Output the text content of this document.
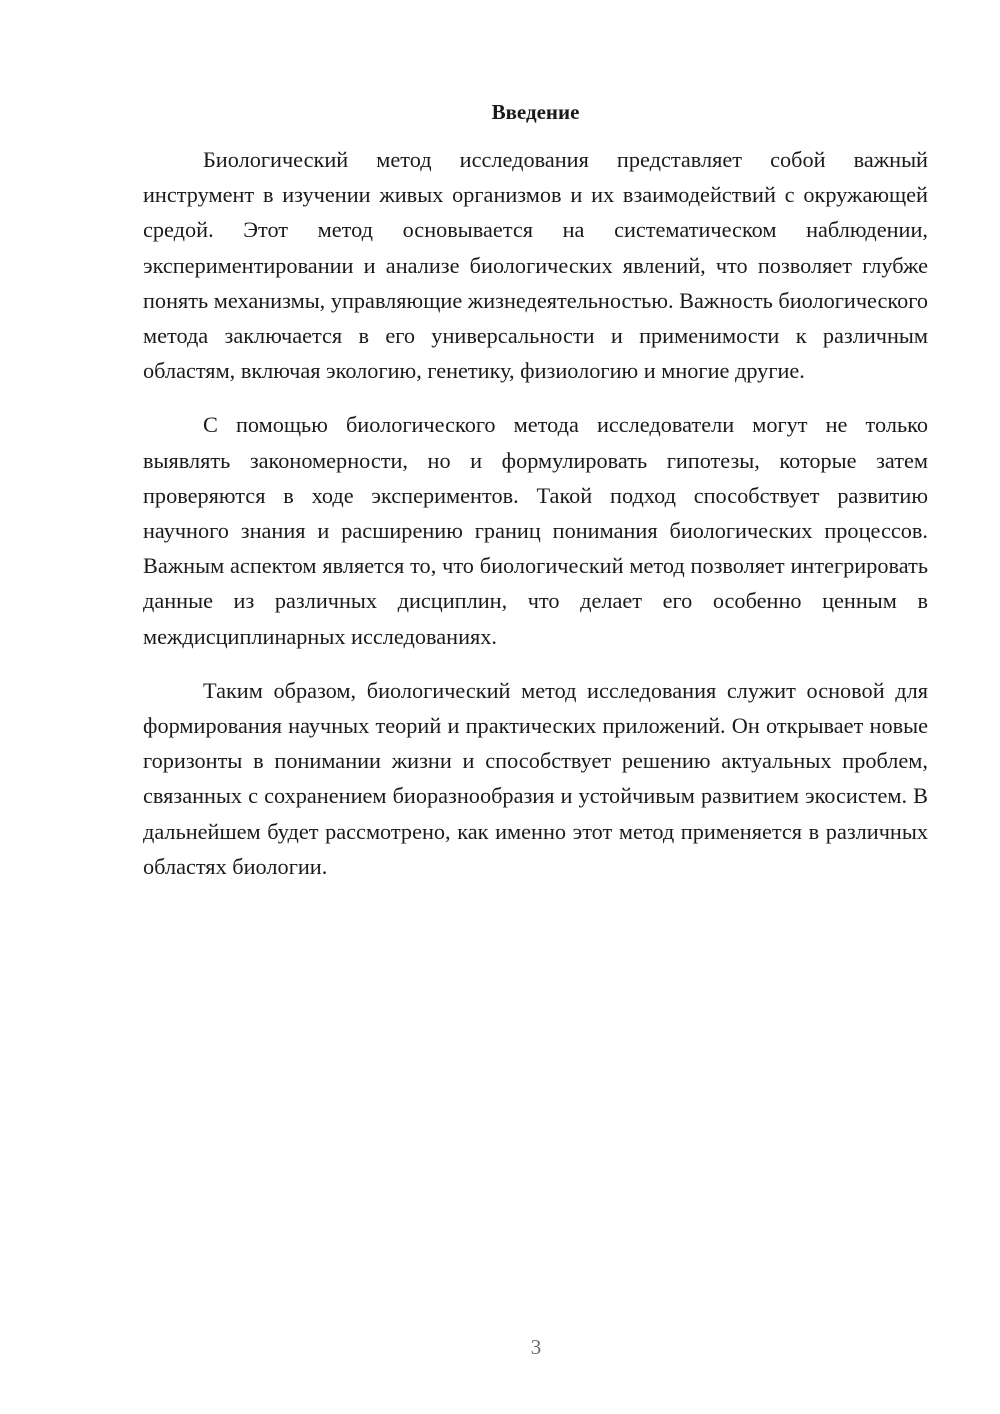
Введение

Биологический метод исследования представляет собой важный инструмент в изучении живых организмов и их взаимодействий с окружающей средой. Этот метод основывается на систематическом наблюдении, экспериментировании и анализе биологических явлений, что позволяет глубже понять механизмы, управляющие жизнедеятельностью. Важность биологического метода заключается в его универсальности и применимости к различным областям, включая экологию, генетику, физиологию и многие другие.

С помощью биологического метода исследователи могут не только выявлять закономерности, но и формулировать гипотезы, которые затем проверяются в ходе экспериментов. Такой подход способствует развитию научного знания и расширению границ понимания биологических процессов. Важным аспектом является то, что биологический метод позволяет интегрировать данные из различных дисциплин, что делает его особенно ценным в междисциплинарных исследованиях.

Таким образом, биологический метод исследования служит основой для формирования научных теорий и практических приложений. Он открывает новые горизонты в понимании жизни и способствует решению актуальных проблем, связанных с сохранением биоразнообразия и устойчивым развитием экосистем. В дальнейшем будет рассмотрено, как именно этот метод применяется в различных областях биологии.

3
